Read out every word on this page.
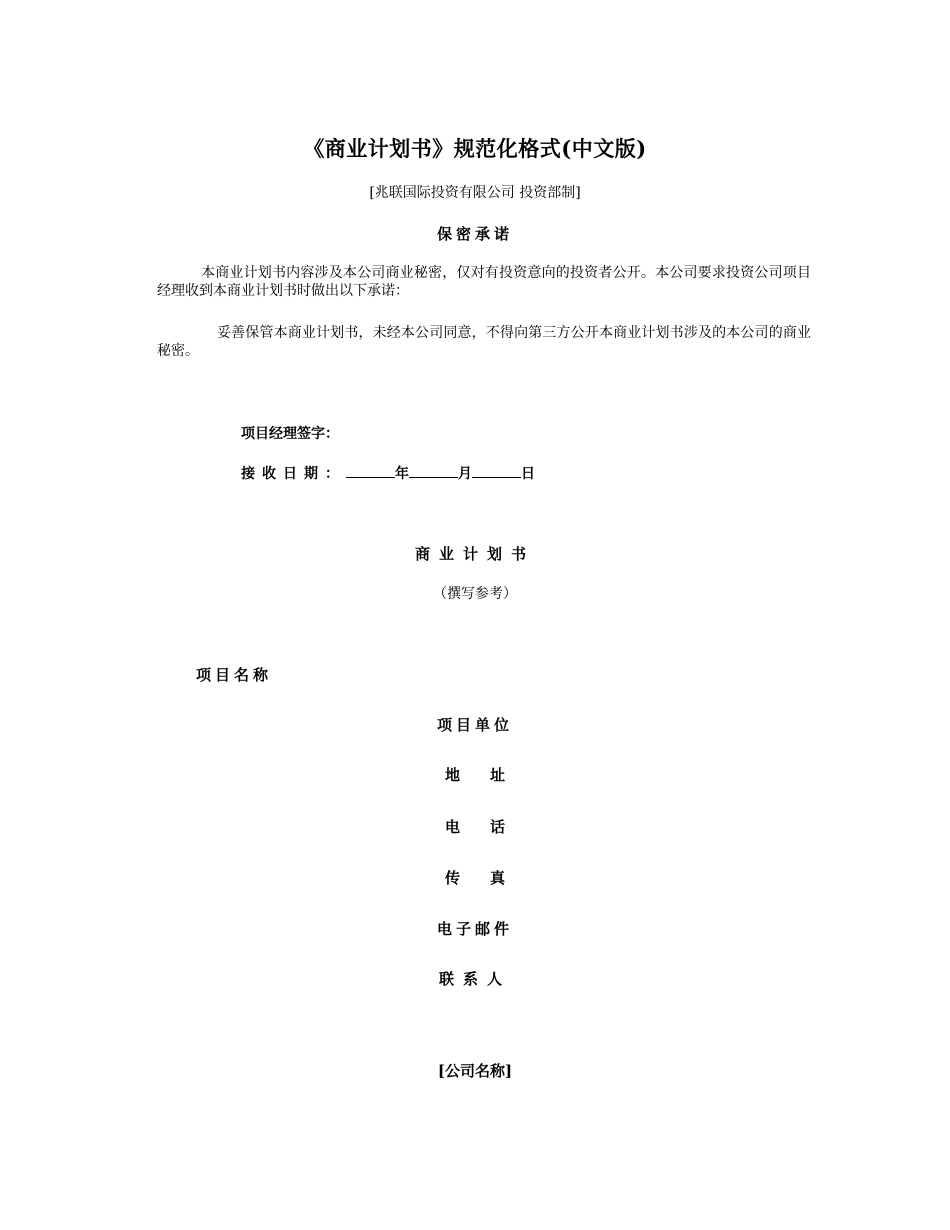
《商业计划书》规范化格式(中文版)
[兆联国际投资有限公司 投资部制]
保密承诺
本商业计划书内容涉及本公司商业秘密，仅对有投资意向的投资者公开。本公司要求投资公司项目经理收到本商业计划书时做出以下承诺：
妥善保管本商业计划书，未经本公司同意，不得向第三方公开本商业计划书涉及的本公司的商业秘密。
项目经理签字：
接收日期：	年	月	日
商业计划书
（撰写参考）
项目名称
项目单位
地址
电话
传真
电子邮件
联系人
[公司名称]
